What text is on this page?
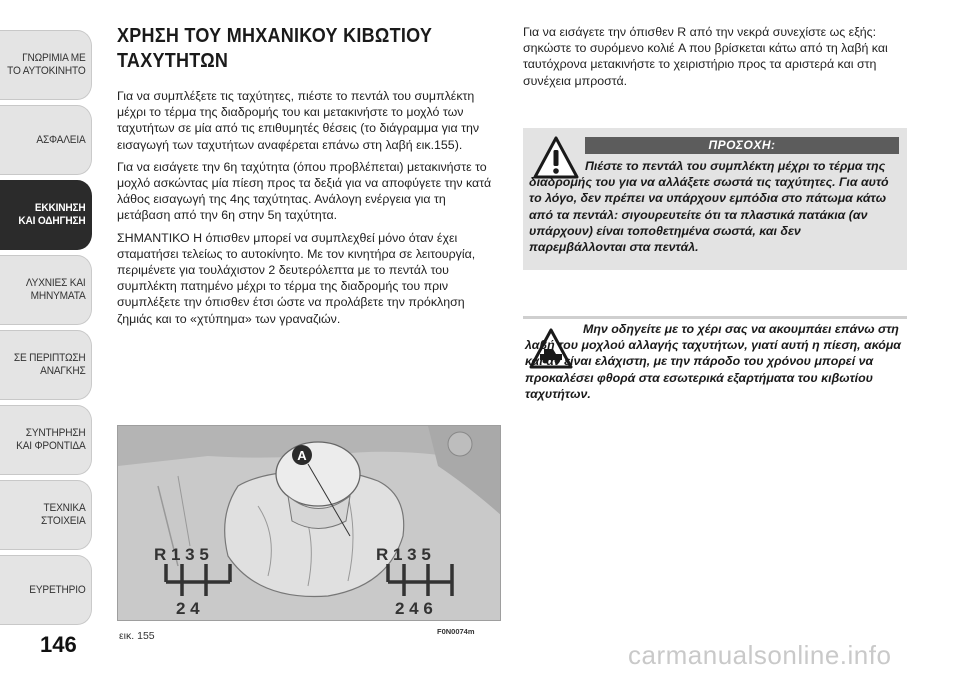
ΓΝΩΡΙΜΙΑ ΜΕ
ΤΟ ΑΥΤΟΚΙΝΗΤΟ
ΑΣΦΑΛΕΙΑ
ΕΚΚΙΝΗΣΗ
ΚΑΙ ΟΔΗΓΗΣΗ
ΛΥΧΝΙΕΣ ΚΑΙ
ΜΗΝΥΜΑΤΑ
ΣΕ ΠΕΡΙΠΤΩΣΗ
ΑΝΑΓΚΗΣ
ΣΥΝΤΗΡΗΣΗ
ΚΑΙ ΦΡΟΝΤΙΔΑ
ΤΕΧΝΙΚΑ
ΣΤΟΙΧΕΙΑ
ΕΥΡΕΤΗΡΙΟ
146
ΧΡΗΣΗ ΤΟΥ ΜΗΧΑΝΙΚΟΥ ΚΙΒΩΤΙΟΥ ΤΑΧΥΤΗΤΩΝ

Για να συμπλέξετε τις ταχύτητες, πιέστε το πεντάλ του συμπλέκτη μέχρι το τέρμα της διαδρομής του και μετακινήστε το μοχλό των ταχυτήτων σε μία από τις επιθυμητές θέσεις (το διάγραμμα για την εισαγωγή των ταχυτήτων αναφέρεται επάνω στη λαβή εικ.155).

Για να εισάγετε την 6η ταχύτητα (όπου προβλέπεται) μετακινήστε το μοχλό ασκώντας μία πίεση προς τα δεξιά για να αποφύγετε την κατά λάθος εισαγωγή της 4ης ταχύτητας. Ανάλογη ενέργεια για τη μετάβαση από την 6η στην 5η ταχύτητα.

ΣΗΜΑΝΤΙΚΟ Η όπισθεν μπορεί να συμπλεχθεί μόνο όταν έχει σταματήσει τελείως το αυτοκίνητο. Με τον κινητήρα σε λειτουργία, περιμένετε για τουλάχιστον 2 δευτερόλεπτα με το πεντάλ του συμπλέκτη πατημένο μέχρι το τέρμα της διαδρομής του πριν συμπλέξετε την όπισθεν έτσι ώστε να προλάβετε την πρόκληση ζημιάς και το «χτύπημα» των γραναζιών.

A
R 1 3 5
2 4
R 1 3 5
2 4 6
εικ. 155	F0N0074m

Για να εισάγετε την όπισθεν R από την νεκρά συνεχίστε ως εξής: σηκώστε το συρόμενο κολιέ A που βρίσκεται κάτω από τη λαβή και ταυτόχρονα μετακινήστε το χειριστήριο προς τα αριστερά και στη συνέχεια μπροστά.

ΠΡΟΣΟΧΗ:
Πιέστε το πεντάλ του συμπλέκτη μέχρι το τέρμα της διαδρομής του για να αλλάξετε σωστά τις ταχύτητες. Για αυτό το λόγο, δεν πρέπει να υπάρχουν εμπόδια στο πάτωμα κάτω από τα πεντάλ: σιγουρευτείτε ότι τα πλαστικά πατάκια (αν υπάρχουν) είναι τοποθετημένα σωστά, και δεν παρεμβάλλονται στα πεντάλ.
Μην οδηγείτε με το χέρι σας να ακουμπάει επάνω στη λαβή του μοχλού αλλαγής ταχυτήτων, γιατί αυτή η πίεση, ακόμα και αν είναι ελάχιστη, με την πάροδο του χρόνου μπορεί να προκαλέσει φθορά στα εσωτερικά εξαρτήματα του κιβωτίου ταχυτήτων.
carmanualsonline.info
